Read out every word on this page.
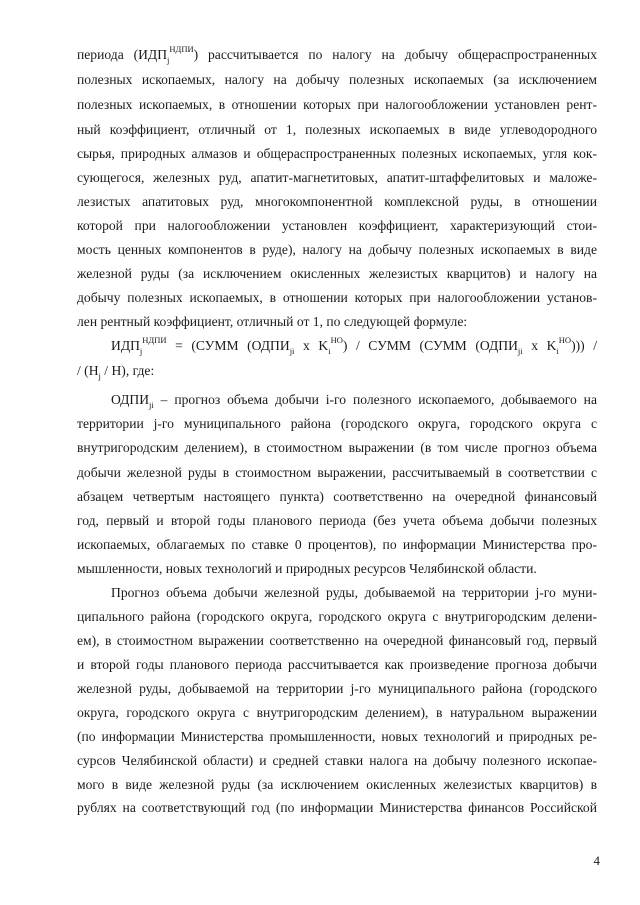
периода $(ИДП_j^{НДПИ})$ рассчитывается по налогу на добычу общераспространенных
полезных ископаемых, налогу на добычу полезных ископаемых (за исключением
полезных ископаемых, в отношении которых при налогообложении установлен рент-
ный коэффициент, отличный от 1, полезных ископаемых в виде углеводородного
сырья, природных алмазов и общераспространенных полезных ископаемых, угля кок-
сующегося, железных руд, апатит-магнетитовых, апатит-штаффелитовых и маложе-
лезистых апатитовых руд, многокомпонентной комплексной руды, в отношении
которой при налогообложении установлен коэффициент, характеризующий стои-
мость ценных компонентов в руде), налогу на добычу полезных ископаемых в виде
железной руды (за исключением окисленных железистых кварцитов) и налогу на
добычу полезных ископаемых, в отношении которых при налогообложении установ-
лен рентный коэффициент, отличный от 1, по следующей формуле:
$ИДП_j^{НДПИ}$ = (СУММ ($ОДПИ_{ji}$ х $K_i^{НО}$) / СУММ (СУММ ($ОДПИ_{ji}$ х $K_i^{НО}$))) /
/ $(Н_j / Н)$, где:
$ОДПИ_{ji}$ – прогноз объема добычи i-го полезного ископаемого, добываемого на
территории j-го муниципального района (городского округа, городского округа с
внутригородским делением), в стоимостном выражении (в том числе прогноз объема
добычи железной руды в стоимостном выражении, рассчитываемый в соответствии с
абзацем четвертым настоящего пункта) соответственно на очередной финансовый
год, первый и второй годы планового периода (без учета объема добычи полезных
ископаемых, облагаемых по ставке 0 процентов), по информации Министерства про-
мышленности, новых технологий и природных ресурсов Челябинской области.
Прогноз объема добычи железной руды, добываемой на территории j-го муни-
ципального района (городского округа, городского округа с внутригородским делени-
ем), в стоимостном выражении соответственно на очередной финансовый год, первый
и второй годы планового периода рассчитывается как произведение прогноза добычи
железной руды, добываемой на территории j-го муниципального района (городского
округа, городского округа с внутригородским делением), в натуральном выражении
(по информации Министерства промышленности, новых технологий и природных ре-
сурсов Челябинской области) и средней ставки налога на добычу полезного ископае-
мого в виде железной руды (за исключением окисленных железистых кварцитов) в
рублях на соответствующий год (по информации Министерства финансов Российской
4
